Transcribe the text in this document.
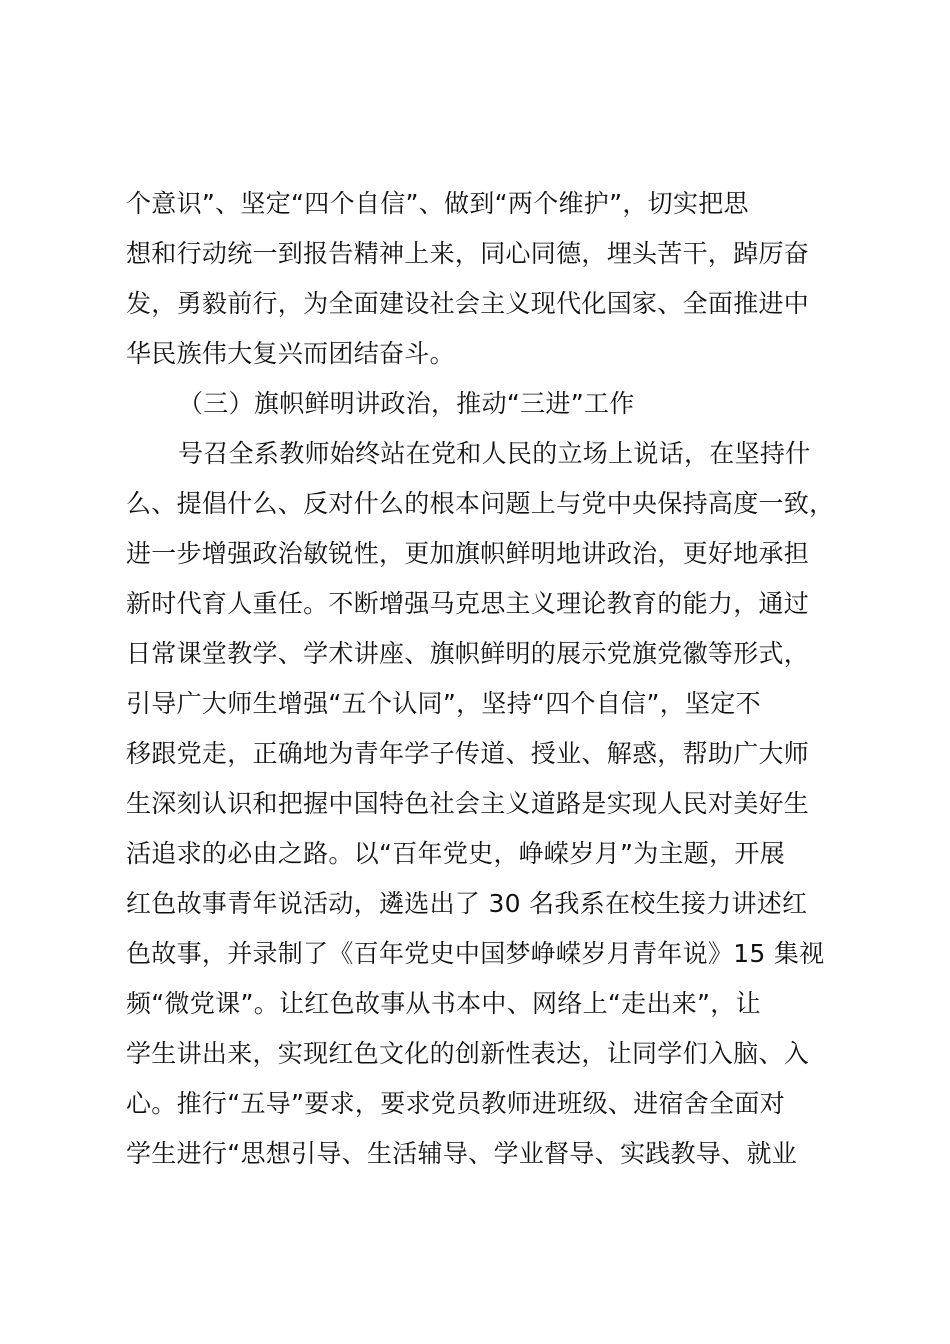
个意识”、坚定“四个自信”、做到“两个维护”，切实把思
想和行动统一到报告精神上来，同心同德，埋头苦干，踔厉奋
发，勇毅前行，为全面建设社会主义现代化国家、全面推进中
华民族伟大复兴而团结奋斗。
（三）旗帜鲜明讲政治，推动“三进”工作
号召全系教师始终站在党和人民的立场上说话，在坚持什
么、提倡什么、反对什么的根本问题上与党中央保持高度一致，
进一步增强政治敏锐性，更加旗帜鲜明地讲政治，更好地承担
新时代育人重任。不断增强马克思主义理论教育的能力，通过
日常课堂教学、学术讲座、旗帜鲜明的展示党旗党徽等形式，
引导广大师生增强“五个认同”，坚持“四个自信”，坚定不
移跟党走，正确地为青年学子传道、授业、解惑，帮助广大师
生深刻认识和把握中国特色社会主义道路是实现人民对美好生
活追求的必由之路。以“百年党史，峥嵘岁月”为主题，开展
红色故事青年说活动，遴选出了 30 名我系在校生接力讲述红
色故事，并录制了《百年党史中国梦峥嵘岁月青年说》15 集视
频“微党课”。让红色故事从书本中、网络上“走出来”，让
学生讲出来，实现红色文化的创新性表达，让同学们入脑、入
心。推行“五导”要求，要求党员教师进班级、进宿舍全面对
学生进行“思想引导、生活辅导、学业督导、实践教导、就业
